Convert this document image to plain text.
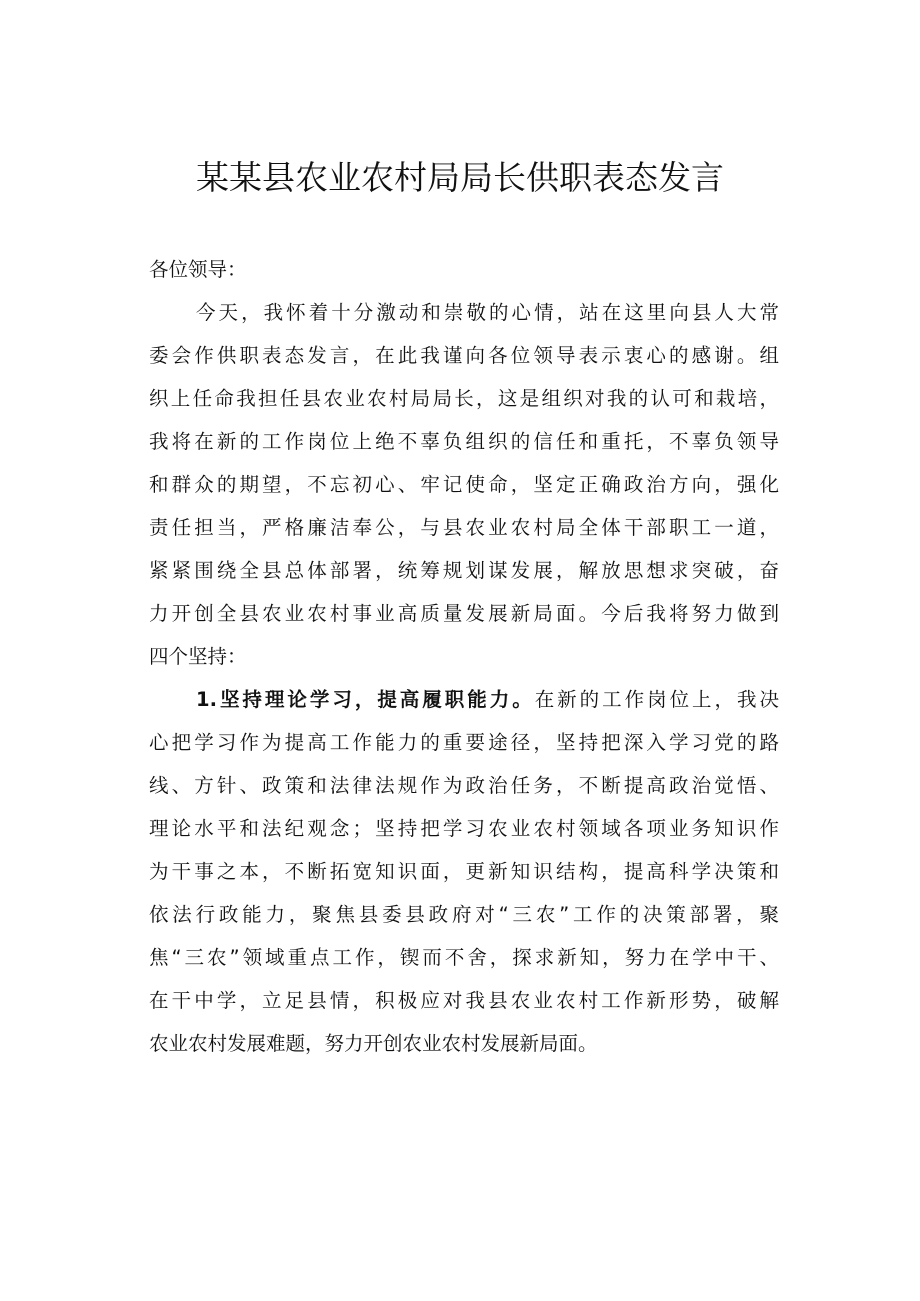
某某县农业农村局局长供职表态发言
各位领导：
今天，我怀着十分激动和崇敬的心情，站在这里向县人大常
委会作供职表态发言，在此我谨向各位领导表示衷心的感谢。组
织上任命我担任县农业农村局局长，这是组织对我的认可和栽培，
我将在新的工作岗位上绝不辜负组织的信任和重托，不辜负领导
和群众的期望，不忘初心、牢记使命，坚定正确政治方向，强化
责任担当，严格廉洁奉公，与县农业农村局全体干部职工一道，
紧紧围绕全县总体部署，统筹规划谋发展，解放思想求突破，奋
力开创全县农业农村事业高质量发展新局面。今后我将努力做到
四个坚持：
1.坚持理论学习，提高履职能力。在新的工作岗位上，我决
心把学习作为提高工作能力的重要途径，坚持把深入学习党的路
线、方针、政策和法律法规作为政治任务，不断提高政治觉悟、
理论水平和法纪观念；坚持把学习农业农村领域各项业务知识作
为干事之本，不断拓宽知识面，更新知识结构，提高科学决策和
依法行政能力，聚焦县委县政府对“三农”工作的决策部署，聚
焦“三农”领域重点工作，锲而不舍，探求新知，努力在学中干、
在干中学，立足县情，积极应对我县农业农村工作新形势，破解
农业农村发展难题，努力开创农业农村发展新局面。
